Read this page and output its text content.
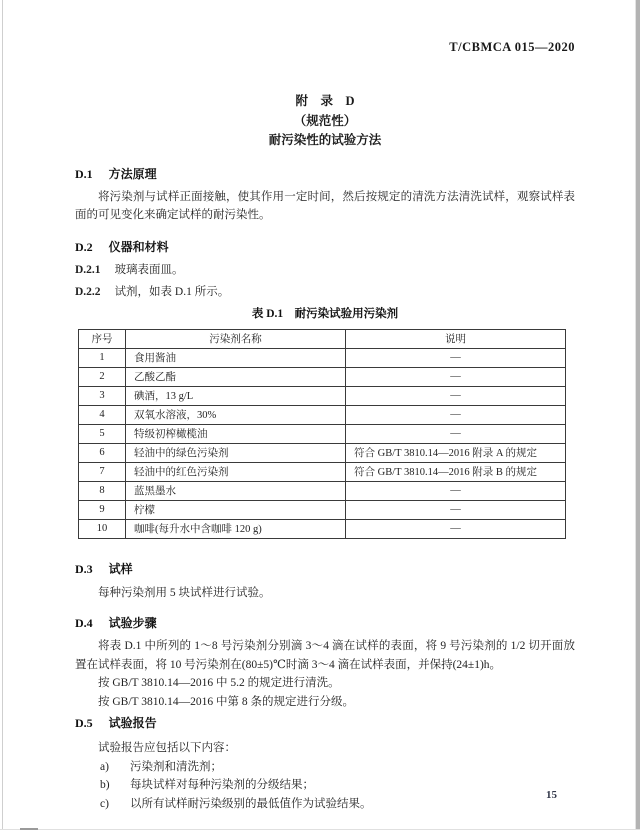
T/CBMCA 015—2020
附　录　D
（规范性）
耐污染性的试验方法
D.1 方法原理

将污染剂与试样正面接触，使其作用一定时间，然后按规定的清洗方法清洗试样，观察试样表面的可见变化来确定试样的耐污染性。

D.2 仪器和材料

D.2.1 玻璃表面皿。

D.2.2 试剂，如表 D.1 所示。

表 D.1　耐污染试验用污染剂
序号	污染剂名称	说明
1	食用酱油	—
2	乙酸乙酯	—
3	碘酒，13 g/L	—
4	双氧水溶液，30%	—
5	特级初榨橄榄油	—
6	轻油中的绿色污染剂	符合 GB/T 3810.14—2016 附录 A 的规定
7	轻油中的红色污染剂	符合 GB/T 3810.14—2016 附录 B 的规定
8	蓝黑墨水	—
9	柠檬	—
10	咖啡(每升水中含咖啡 120 g)	—
D.3 试样

每种污染剂用 5 块试样进行试验。

D.4 试验步骤

将表 D.1 中所列的 1～8 号污染剂分别滴 3～4 滴在试样的表面，将 9 号污染剂的 1/2 切开面放置在试样表面，将 10 号污染剂在(80±5)℃时滴 3～4 滴在试样表面，并保持(24±1)h。

按 GB/T 3810.14—2016 中 5.2 的规定进行清洗。

按 GB/T 3810.14—2016 中第 8 条的规定进行分级。

D.5 试验报告

试验报告应包括以下内容：

a)	污染剂和清洗剂；
b)	每块试样对每种污染剂的分级结果；
c)	以所有试样耐污染级别的最低值作为试验结果。
15
